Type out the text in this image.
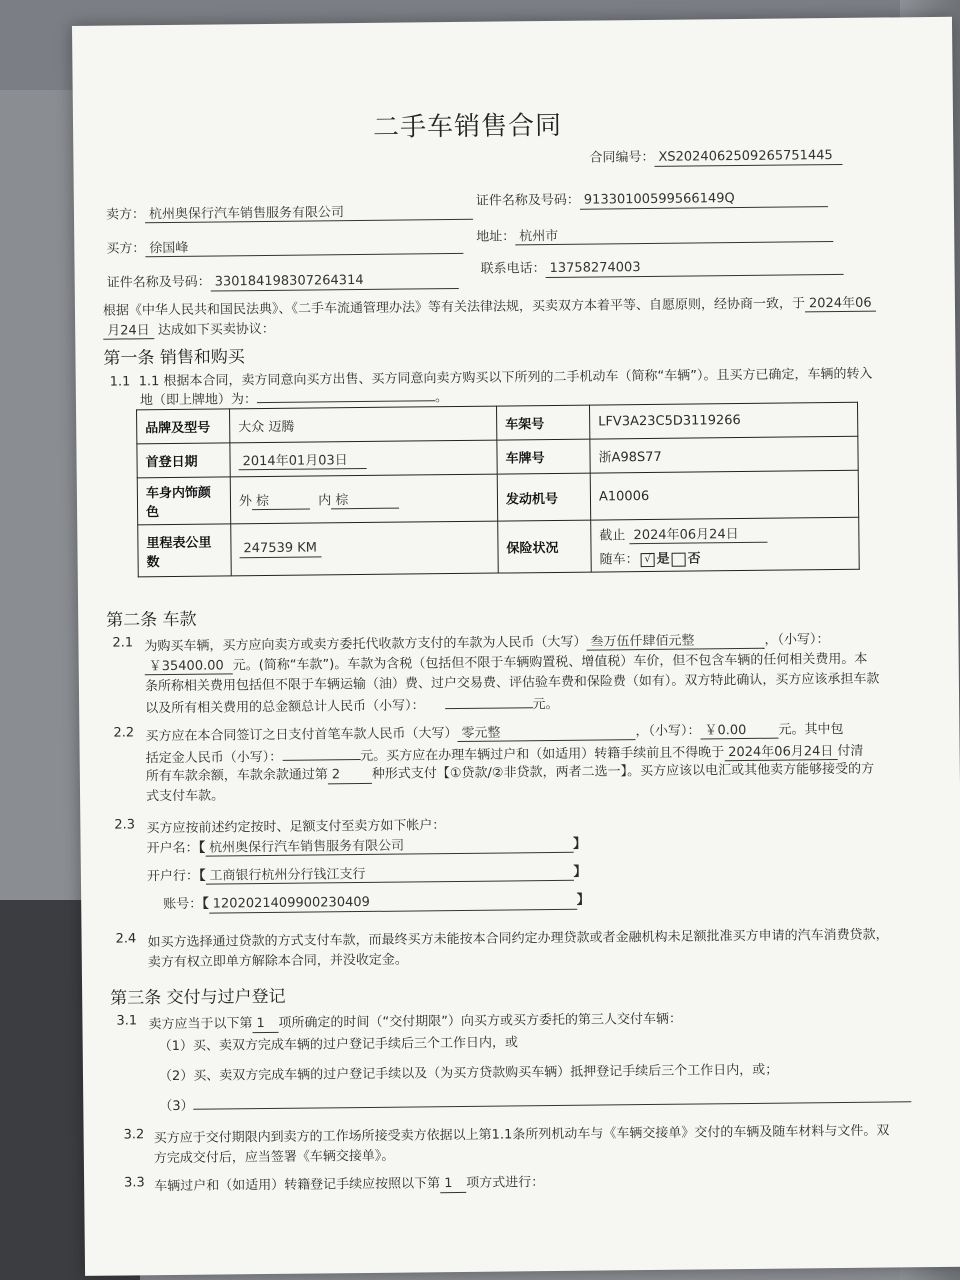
二手车销售合同
合同编号： XS2024062509265751445
卖方： 杭州奥保行汽车销售服务有限公司
证件名称及号码： 91330100599566149Q
买方： 徐国峰
地址： 杭州市
证件名称及号码： 330184198307264314
联系电话： 13758274003
根据《中华人民共和国民法典》、《二手车流通管理办法》等有关法律法规，买卖双方本着平等、自愿原则，经协商一致，于 2024年06
月24日 达成如下买卖协议：
第一条 销售和购买
1.1 1.1 根据本合同，卖方同意向买方出售、买方同意向卖方购买以下所列的二手机动车（简称“车辆”）。且买方已确定，车辆的转入
地（即上牌地）为：	。
品牌及型号	大众 迈腾	车架号	LFV3A23C5D3119266
首登日期	2014年01月03日	车牌号	浙A98S77
车身内饰颜色	外 棕 内 棕	发动机号	A10006
里程表公里数	247539 KM	保险状况	截止 2024年06月24日
随车： √ 是 否
第二条 车款
2.1 为购买车辆，买方应向卖方或卖方委托代收款方支付的车款为人民币（大写） 叁万伍仟肆佰元整	，（小写）：
￥35400.00 元。(简称“车款”)。车款为含税（包括但不限于车辆购置税、增值税）车价，但不包含车辆的任何相关费用。本
条所称相关费用包括但不限于车辆运输（油）费、过户交易费、评估验车费和保险费（如有）。双方特此确认，买方应该承担车款
以及所有相关费用的总金额总计人民币（小写）：	元。
2.2 买方应在本合同签订之日支付首笔车款人民币（大写） 零元整	，（小写）： ￥0.00 元。其中包
括定金人民币（小写）：	元。买方应在办理车辆过户和（如适用）转籍手续前且不得晚于 2024年06月24日 付清
所有车款余额，车款余款通过第 2 种形式支付【①贷款/②非贷款，两者二选一】。买方应该以电汇或其他卖方能够接受的方
式支付车款。
2.3 买方应按前述约定按时、足额支付至卖方如下帐户：
开户名：【 杭州奥保行汽车销售服务有限公司	】
开户行：【 工商银行杭州分行钱江支行	】
账号：【 1202021409900230409	】
2.4 如买方选择通过贷款的方式支付车款，而最终买方未能按本合同约定办理贷款或者金融机构未足额批准买方申请的汽车消费贷款，
卖方有权立即单方解除本合同，并没收定金。
第三条 交付与过户登记
3.1 卖方应当于以下第 1 项所确定的时间（“交付期限”）向买方或买方委托的第三人交付车辆：
（1）买、卖双方完成车辆的过户登记手续后三个工作日内，或
（2）买、卖双方完成车辆的过户登记手续以及（为买方贷款购买车辆）抵押登记手续后三个工作日内，或；
（3）
3.2 买方应于交付期限内到卖方的工作场所接受卖方依据以上第1.1条所列机动车与《车辆交接单》交付的车辆及随车材料与文件。双
方完成交付后，应当签署《车辆交接单》。
3.3 车辆过户和（如适用）转籍登记手续应按照以下第 1 项方式进行：
